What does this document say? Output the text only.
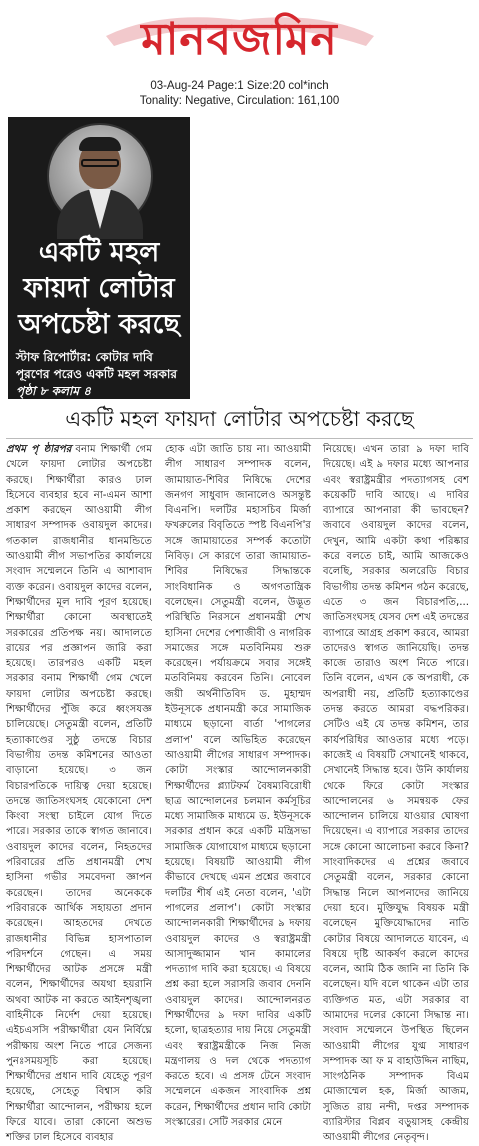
মানবজমিন
03-Aug-24 Page:1 Size:20 col*inch
Tonality: Negative, Circulation: 161,100
একটি মহল
ফায়দা লোটার
অপচেষ্টা করছে
স্টাফ রিপোর্টার: কোটার দাবি পূরণের পরেও একটি মহল সরকার পৃষ্ঠা ৮ কলাম ৪
একটি মহল ফায়দা লোটার অপচেষ্টা করছে
প্রথম পৃ ষ্ঠারপর বনাম শিক্ষার্থী গেম খেলে ফায়দা লোটার অপচেষ্টা করছে। শিক্ষার্থীরা কারও ঢাল হিসেবে ব্যবহার হবে না-এমন আশা প্রকাশ করছেন আওয়ামী লীগ সাধারণ সম্পাদক ওবায়দুল কাদের। গতকাল রাজধানীর ধানমন্ডিতে আওয়ামী লীগ সভাপতির কার্যালয়ে সংবাদ সম্মেলনে তিনি এ আশাবাদ ব্যক্ত করেন। ওবায়দুল কাদের বলেন, শিক্ষার্থীদের মূল দাবি পূরণ হয়েছে। শিক্ষার্থীরা কোনো অবস্থাতেই সরকারের প্রতিপক্ষ নয়। আদালতে রায়ের পর প্রজ্ঞাপন জারি করা হয়েছে। তারপরও একটি মহল সরকার বনাম শিক্ষার্থী গেম খেলে ফায়দা লোটার অপচেষ্টা করছে। শিক্ষার্থীদের পুঁজি করে ধ্বংসযজ্ঞ চালিয়েছে। সেতুমন্ত্রী বলেন, প্রতিটি হত্যাকাণ্ডের সুষ্ঠু তদন্তে বিচার বিভাগীয় তদন্ত কমিশনের আওতা বাড়ানো হয়েছে। ৩ জন বিচারপতিকে দায়িত্ব দেয়া হয়েছে। তদন্তে জাতিসংঘসহ যেকোনো দেশ কিংবা সংস্থা চাইলে যোগ দিতে পারে। সরকার তাকে স্বাগত জানাবে। ওবায়দুল কাদের বলেন, নিহতদের পরিবারের প্রতি প্রধানমন্ত্রী শেখ হাসিনা গভীর সমবেদনা জ্ঞাপন করেছেন। তাদের অনেককে পরিবারকে আর্থিক সহায়তা প্রদান করেছেন। আহতদের দেখতে রাজধানীর বিভিন্ন হাসপাতাল পরিদর্শনে গেছেন। এ সময় শিক্ষার্থীদের আটক প্রসঙ্গে মন্ত্রী বলেন, শিক্ষার্থীদের অযথা হয়রানি অথবা আটক না করতে আইনশৃঙ্খলা বাহিনীকে নির্দেশ দেয়া হয়েছে। এইচএসসি পরীক্ষার্থীরা যেন নির্বিঘ্নে পরীক্ষায় অংশ নিতে পারে সেজন্য পুনঃসময়সূচি করা হয়েছে। শিক্ষার্থীদের প্রধান দাবি যেহেতু পূরণ হয়েছে, সেহেতু বিশ্বাস করি শিক্ষার্থীরা আন্দোলন, পরীক্ষায় হলে ফিরে যাবে। তারা কোনো অশুভ শক্তির ঢাল হিসেবে ব্যবহার
হোক এটা জাতি চায় না। আওয়ামী লীগ সাধারণ সম্পাদক বলেন, জামায়াত-শিবির নিষিদ্ধে দেশের জনগণ সাধুবাদ জানালেও অসন্তুষ্ট বিএনপি। দলটির মহাসচিব মির্জা ফখরুলের বিবৃতিতে স্পষ্ট বিএনপি'র সঙ্গে জামায়াতের সম্পর্ক কতোটা নিবিড়। সে কারণে তারা জামায়াত-শিবির নিষিদ্ধের সিদ্ধান্তকে সাংবিধানিক ও অগণতান্ত্রিক বলেছেন। সেতুমন্ত্রী বলেন, উদ্ভূত পরিস্থিতি নিরসনে প্রধানমন্ত্রী শেখ হাসিনা দেশের পেশাজীবী ও নাগরিক সমাজের সঙ্গে মতবিনিময় শুরু করেছেন। পর্যায়ক্রমে সবার সঙ্গেই মতবিনিময় করবেন তিনি। নোবেল জয়ী অর্থনীতিবিদ ড. মুহাম্মদ ইউনূসকে প্রধানমন্ত্রী করে সামাজিক মাধ্যমে ছড়ানো বার্তা 'পাগলের প্রলাপ' বলে অভিহিত করেছেন আওয়ামী লীগের সাধারণ সম্পাদক। কোটা সংস্কার আন্দোলনকারী শিক্ষার্থীদের প্ল্যাটফর্ম বৈষম্যবিরোধী ছাত্র আন্দোলনের চলমান কর্মসূচির মধ্যে সামাজিক মাধ্যমে ড. ইউনূসকে সরকার প্রধান করে একটি মন্ত্রিসভা সামাজিক যোগাযোগ মাধ্যমে ছড়ানো হয়েছে। বিষয়টি আওয়ামী লীগ কীভাবে দেখছে এমন প্রশ্নের জবাবে দলটির শীর্ষ এই নেতা বলেন, 'এটা পাগলের প্রলাপ'। কোটা সংস্কার আন্দোলনকারী শিক্ষার্থীদের ৯ দফায় ওবায়দুল কাদের ও স্বরাষ্ট্রমন্ত্রী আসাদুজ্জামান খান কামালের পদত্যাগ দাবি করা হয়েছে। এ বিষয়ে প্রশ্ন করা হলে সরাসরি জবাব দেননি ওবায়দুল কাদের। আন্দোলনরত শিক্ষার্থীদের ৯ দফা দাবির একটি হলো, ছাত্রহত্যার দায় নিয়ে সেতুমন্ত্রী এবং স্বরাষ্ট্রমন্ত্রীকে নিজ নিজ মন্ত্রণালয় ও দল থেকে পদত্যাগ করতে হবে। এ প্রসঙ্গ টেনে সংবাদ সম্মেলনে একজন সাংবাদিক প্রশ্ন করেন, শিক্ষার্থীদের প্রধান দাবি কোটা সংস্কারের। সেটি সরকার মেনে
নিয়েছে। এখন তারা ৯ দফা দাবি দিয়েছে। এই ৯ দফার মধ্যে আপনার এবং স্বরাষ্ট্রমন্ত্রীর পদত্যাগসহ বেশ কয়েকটি দাবি আছে। এ দাবির ব্যাপারে আপনারা কী ভাবছেন? জবাবে ওবায়দুল কাদের বলেন, দেখুন, আমি একটা কথা পরিষ্কার করে বলতে চাই, আমি আজকেও বলেছি, সরকার অলরেডি বিচার বিভাগীয় তদন্ত কমিশন গঠন করেছে, এতে ৩ জন বিচারপতি,... জাতিসংঘসহ যেসব দেশ এই তদন্তের ব্যাপারে আগ্রহ প্রকাশ করবে, আমরা তাদেরও স্বাগত জানিয়েছি। তদন্ত কাজে তারাও অংশ নিতে পারে। তিনি বলেন, এখন কে অপরাধী, কে অপরাধী নয়, প্রতিটি হত্যাকাণ্ডের তদন্ত করতে আমরা বদ্ধপরিকর। সেটিও এই যে তদন্ত কমিশন, তার কার্যপরিধির আওতার মধ্যে পড়ে। কাজেই এ বিষয়টি সেখানেই থাকবে, সেখানেই সিদ্ধান্ত হবে। উনি কার্যালয় থেকে ফিরে কোটা সংস্কার আন্দোলনের ৬ সমন্বয়ক ফের আন্দোলন চালিয়ে যাওয়ার ঘোষণা দিয়েছেন। এ ব্যাপারে সরকার তাদের সঙ্গে কোনো আলোচনা করবে কিনা? সাংবাদিকদের এ প্রশ্নের জবাবে সেতুমন্ত্রী বলেন, সরকার কোনো সিদ্ধান্ত নিলে আপনাদের জানিয়ে দেয়া হবে। মুক্তিযুদ্ধ বিষয়ক মন্ত্রী বলেছেন মুক্তিযোদ্ধাদের নাতি কোটার বিষয়ে আদালতে যাবেন, এ বিষয়ে দৃষ্টি আকর্ষণ করলে কাদের বলেন, আমি ঠিক জানি না তিনি কি বলেছেন। যদি বলে থাকেন এটা তার ব্যক্তিগত মত, এটা সরকার বা আমাদের দলের কোনো সিদ্ধান্ত না। সংবাদ সম্মেলনে উপস্থিত ছিলেন আওয়ামী লীগের যুগ্ম সাধারণ সম্পাদক আ ফ ম বাহাউদ্দিন নাছিম, সাংগঠনিক সম্পাদক বিএম মোজাম্মেল হক, মির্জা আজম, সুজিত রায় নন্দী, দপ্তর সম্পাদক ব্যারিস্টার বিপ্লব বড়ুয়াসহ কেন্দ্রীয় আওয়ামী লীগের নেতৃবৃন্দ।
